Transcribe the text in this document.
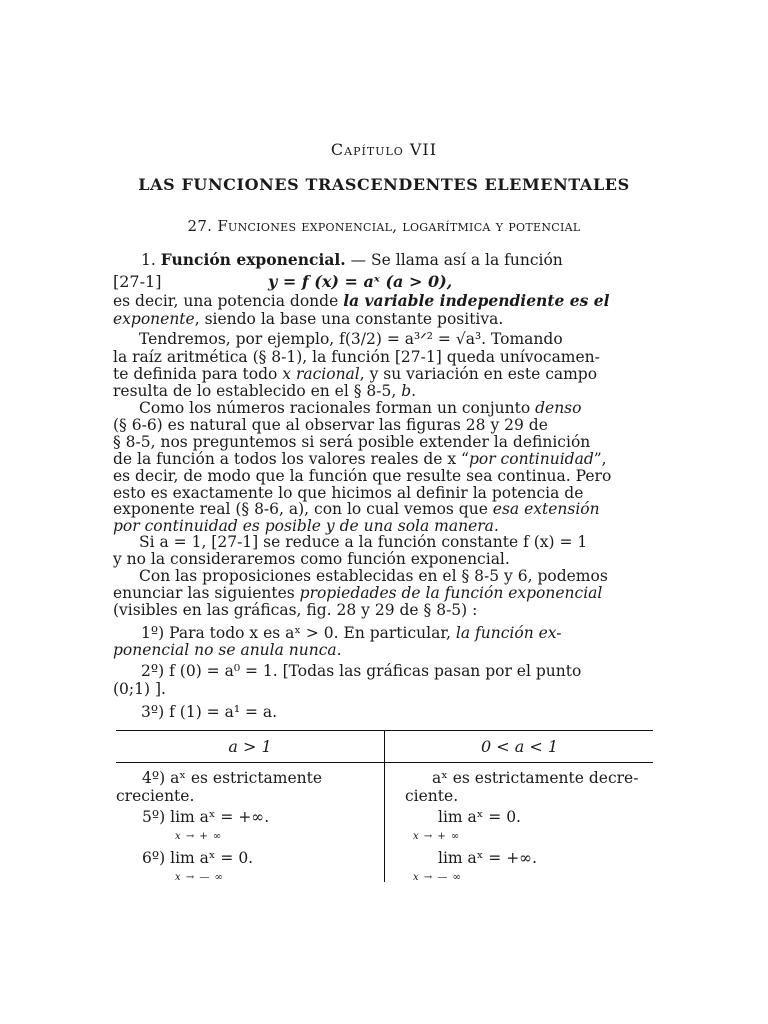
Capítulo VII
LAS FUNCIONES TRASCENDENTES ELEMENTALES
27. Funciones exponencial, logarítmica y potencial
1. Función exponencial. — Se llama así a la función
[27-1]	y = f (x) = aˣ (a > 0),
es decir, una potencia donde la variable independiente es el
exponente, siendo la base una constante positiva.
Tendremos, por ejemplo, f(3/2) = a³ᐟ² = √a³. Tomando
la raíz aritmética (§ 8-1), la función [27-1] queda unívocamen-
te definida para todo x racional, y su variación en este campo
resulta de lo establecido en el § 8-5, b.
Como los números racionales forman un conjunto denso
(§ 6-6) es natural que al observar las figuras 28 y 29 de
§ 8-5, nos preguntemos si será posible extender la definición
de la función a todos los valores reales de x “por continuidad”,
es decir, de modo que la función que resulte sea continua. Pero
esto es exactamente lo que hicimos al definir la potencia de
exponente real (§ 8-6, a), con lo cual vemos que esa extensión
por continuidad es posible y de una sola manera.
Si a = 1, [27-1] se reduce a la función constante f (x) = 1
y no la consideraremos como función exponencial.
Con las proposiciones establecidas en el § 8-5 y 6, podemos
enunciar las siguientes propiedades de la función exponencial
(visibles en las gráficas, fig. 28 y 29 de § 8-5) :
1º) Para todo x es aˣ > 0. En particular, la función ex-
ponencial no se anula nunca.
2º) f (0) = a⁰ = 1. [Todas las gráficas pasan por el punto
(0;1) ].
3º) f (1) = a¹ = a.
a > 1	0 < a < 1
4º) aˣ es estrictamente
creciente.
aˣ es estrictamente decre-
ciente.
5º) lim aˣ = +∞.
x → + ∞
lim aˣ = 0.
x → + ∞
6º) lim aˣ = 0.
x → — ∞
lim aˣ = +∞.
x → — ∞
